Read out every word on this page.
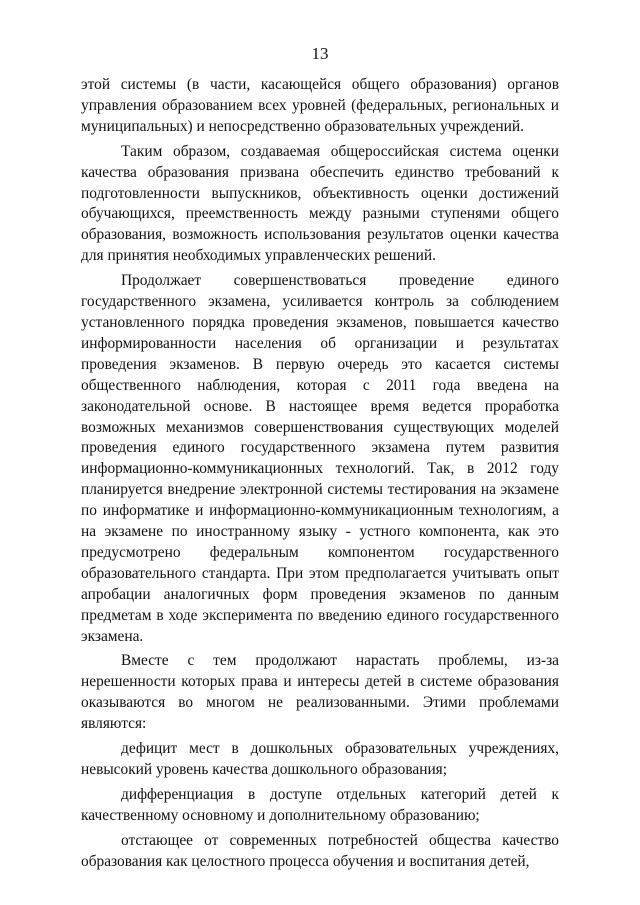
13

этой системы (в части, касающейся общего образования) органов управления образованием всех уровней (федеральных, региональных и муниципальных) и непосредственно образовательных учреждений.

Таким образом, создаваемая общероссийская система оценки качества образования призвана обеспечить единство требований к подготовленности выпускников, объективность оценки достижений обучающихся, преемственность между разными ступенями общего образования, возможность использования результатов оценки качества для принятия необходимых управленческих решений.

Продолжает совершенствоваться проведение единого государственного экзамена, усиливается контроль за соблюдением установленного порядка проведения экзаменов, повышается качество информированности населения об организации и результатах проведения экзаменов. В первую очередь это касается системы общественного наблюдения, которая с 2011 года введена на законодательной основе. В настоящее время ведется проработка возможных механизмов совершенствования существующих моделей проведения единого государственного экзамена путем развития информационно-коммуникационных технологий. Так, в 2012 году планируется внедрение электронной системы тестирования на экзамене по информатике и информационно-коммуникационным технологиям, а на экзамене по иностранному языку - устного компонента, как это предусмотрено федеральным компонентом государственного образовательного стандарта. При этом предполагается учитывать опыт апробации аналогичных форм проведения экзаменов по данным предметам в ходе эксперимента по введению единого государственного экзамена.

Вместе с тем продолжают нарастать проблемы, из-за нерешенности которых права и интересы детей в системе образования оказываются во многом не реализованными. Этими проблемами являются:

дефицит мест в дошкольных образовательных учреждениях, невысокий уровень качества дошкольного образования;

дифференциация в доступе отдельных категорий детей к качественному основному и дополнительному образованию;

отстающее от современных потребностей общества качество образования как целостного процесса обучения и воспитания детей,
